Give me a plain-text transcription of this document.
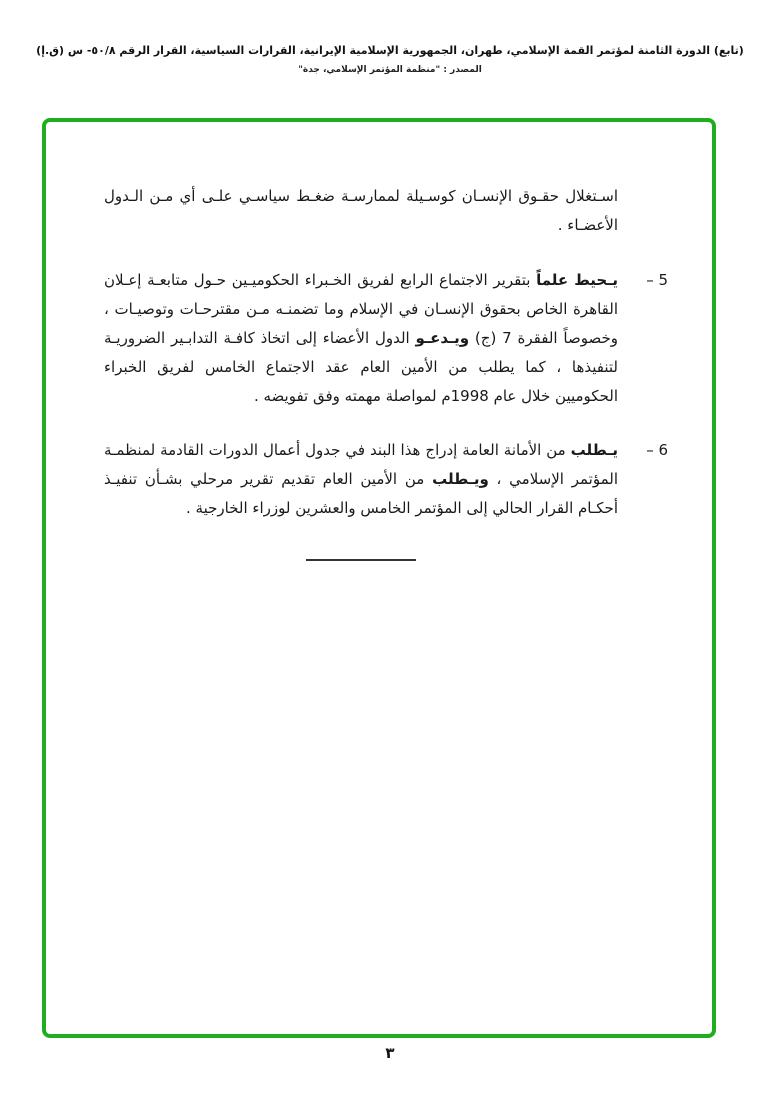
(تابع) الدورة الثامنة لمؤتمر القمة الإسلامي، طهران، الجمهورية الإسلامية الإيرانية، القرارات السياسية، القرار الرقم ٥٠/٨- س (ق.إ)
المصدر : "منظمة المؤتمر الإسلامي، جدة"

اسـتغلال حقـوق الإنسـان كوسـيلة لممارسـة ضغـط سياسـي علـى أي مـن الـدول الأعضـاء .

– 5

يـحيط علماً بتقرير الاجتماع الرابع لفريق الخـبراء الحكوميـين حـول متابعـة إعـلان القاهرة الخاص بحقوق الإنسـان في الإسلام وما تضمنـه مـن مقترحـات وتوصيـات ، وخصوصاً الفقرة 7 (ج) ويـدعـو الدول الأعضاء إلى اتخاذ كافـة التدابـير الضروريـة لتنفيذها ، كما يطلب من الأمين العام عقد الاجتماع الخامس لفريق الخبراء الحكوميين خلال عام 1998م لمواصلة مهمته وفق تفويضه .

– 6

يـطلب من الأمانة العامة إدراج هذا البند في جدول أعمال الدورات القادمة لمنظمـة المؤتمر الإسلامي ، ويـطلب من الأمين العام تقديم تقرير مرحلي بشـأن تنفيـذ أحكـام القرار الحالي إلى المؤتمر الخامس والعشرين لوزراء الخارجية .

٣
